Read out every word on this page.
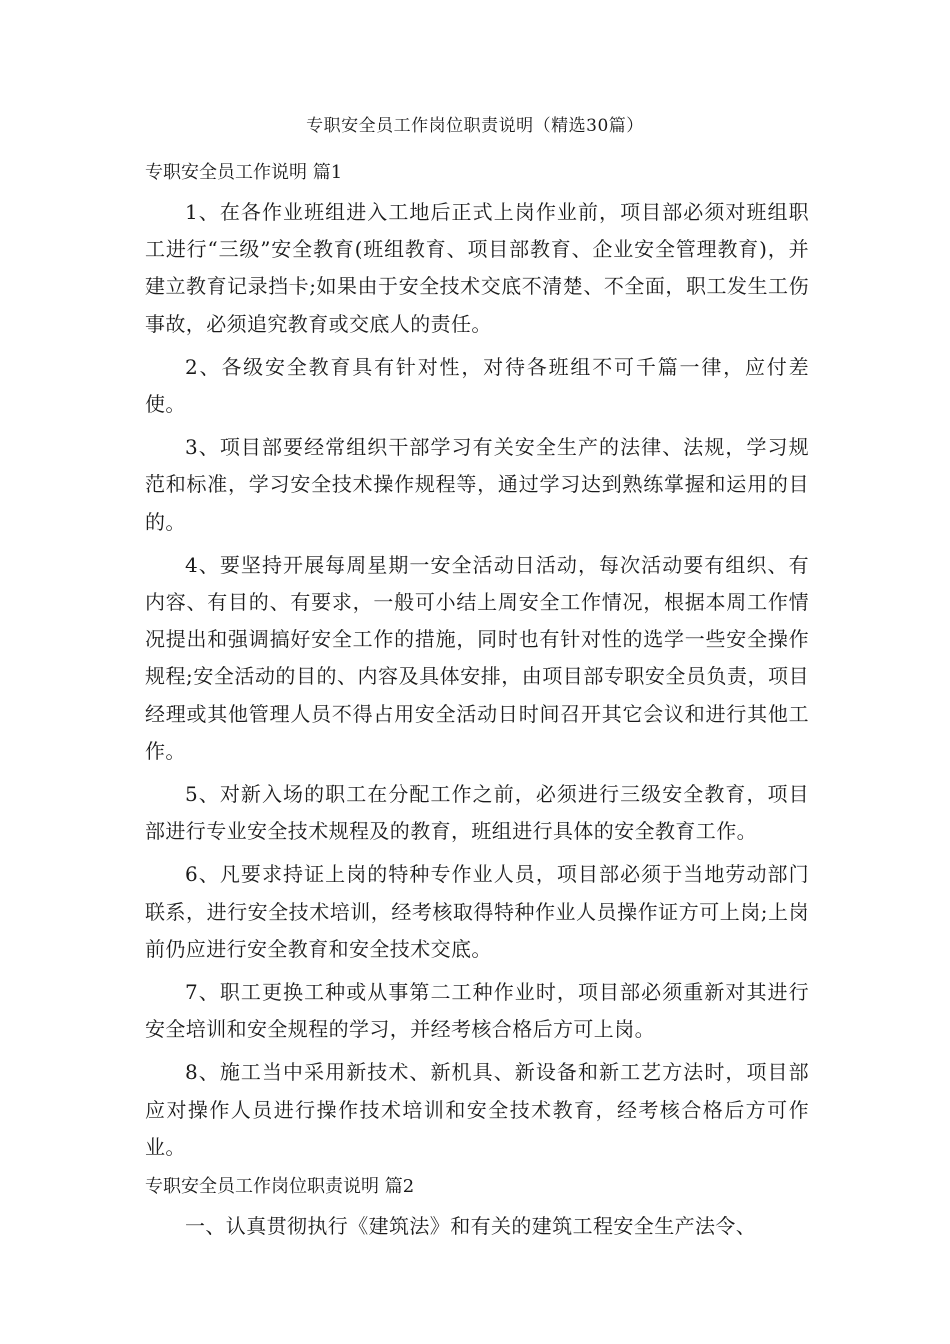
专职安全员工作岗位职责说明（精选30篇）
专职安全员工作说明 篇1

1、在各作业班组进入工地后正式上岗作业前，项目部必须对班组职工进行“三级”安全教育(班组教育、项目部教育、企业安全管理教育)，并建立教育记录挡卡;如果由于安全技术交底不清楚、不全面，职工发生工伤事故，必须追究教育或交底人的责任。

2、各级安全教育具有针对性，对待各班组不可千篇一律，应付差使。

3、项目部要经常组织干部学习有关安全生产的法律、法规，学习规范和标准，学习安全技术操作规程等，通过学习达到熟练掌握和运用的目的。

4、要坚持开展每周星期一安全活动日活动，每次活动要有组织、有内容、有目的、有要求，一般可小结上周安全工作情况，根据本周工作情况提出和强调搞好安全工作的措施，同时也有针对性的选学一些安全操作规程;安全活动的目的、内容及具体安排，由项目部专职安全员负责，项目经理或其他管理人员不得占用安全活动日时间召开其它会议和进行其他工作。

5、对新入场的职工在分配工作之前，必须进行三级安全教育，项目部进行专业安全技术规程及的教育，班组进行具体的安全教育工作。

6、凡要求持证上岗的特种专作业人员，项目部必须于当地劳动部门联系，进行安全技术培训，经考核取得特种作业人员操作证方可上岗;上岗前仍应进行安全教育和安全技术交底。

7、职工更换工种或从事第二工种作业时，项目部必须重新对其进行安全培训和安全规程的学习，并经考核合格后方可上岗。

8、施工当中采用新技术、新机具、新设备和新工艺方法时，项目部应对操作人员进行操作技术培训和安全技术教育，经考核合格后方可作业。

专职安全员工作岗位职责说明 篇2

一、认真贯彻执行《建筑法》和有关的建筑工程安全生产法令、
